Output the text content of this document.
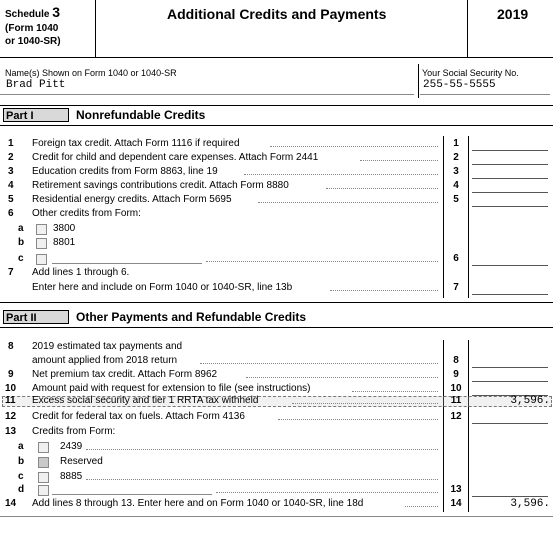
Schedule 3
(Form 1040
or 1040-SR)
Additional Credits and Payments	2019
Name(s) Shown on Form 1040 or 1040-SR
Brad Pitt
Your Social Security No.
255-55-5555
Part I	Nonrefundable Credits
1	Foreign tax credit. Attach Form 1116 if required	1
2	Credit for child and dependent care expenses. Attach Form 2441	2
3	Education credits from Form 8863, line 19	3
4	Retirement savings contributions credit. Attach Form 8880	4
5	Residential energy credits. Attach Form 5695	5
6	Other credits from Form:
a	3800
b	8801
c	6
7	Add lines 1 through 6.
Enter here and include on Form 1040 or 1040-SR, line 13b	7
Part II	Other Payments and Refundable Credits
8	2019 estimated tax payments and
amount applied from 2018 return	8
9	Net premium tax credit. Attach Form 8962	9
10 Amount paid with request for extension to file (see instructions)	10
11 Excess social security and tier 1 RRTA tax withheld	11	3,596.
12 Credit for federal tax on fuels. Attach Form 4136	12
13 Credits from Form:
a	2439
b	Reserved
c	8885
d	13
14 Add lines 8 through 13. Enter here and on Form 1040 or 1040-SR, line 18d	14	3,596.
